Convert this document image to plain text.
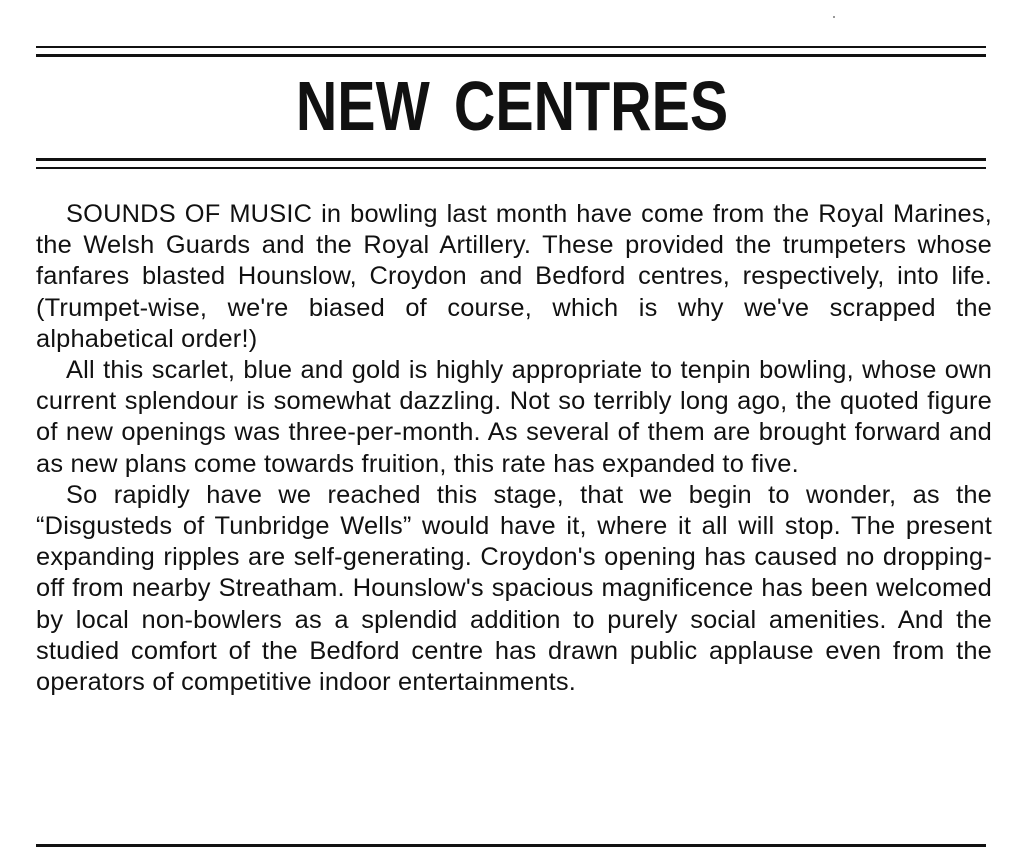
NEW CENTRES

SOUNDS OF MUSIC in bowling last month have come from the Royal Marines, the Welsh Guards and the Royal Artillery. These provided the trumpeters whose fanfares blasted Hounslow, Croydon and Bedford centres, respectively, into life. (Trumpet-wise, we're biased of course, which is why we've scrapped the alphabetical order!)

All this scarlet, blue and gold is highly appropriate to tenpin bowling, whose own current splendour is somewhat dazzling. Not so terribly long ago, the quoted figure of new openings was three-per-month. As several of them are brought forward and as new plans come towards fruition, this rate has expanded to five.

So rapidly have we reached this stage, that we begin to wonder, as the “Disgusteds of Tunbridge Wells” would have it, where it all will stop. The present expanding ripples are self-generating. Croydon's opening has caused no dropping-off from nearby Streatham. Hounslow's spacious magnificence has been welcomed by local non-bowlers as a splendid addition to purely social amenities. And the studied comfort of the Bedford centre has drawn public applause even from the operators of competitive indoor entertainments.
